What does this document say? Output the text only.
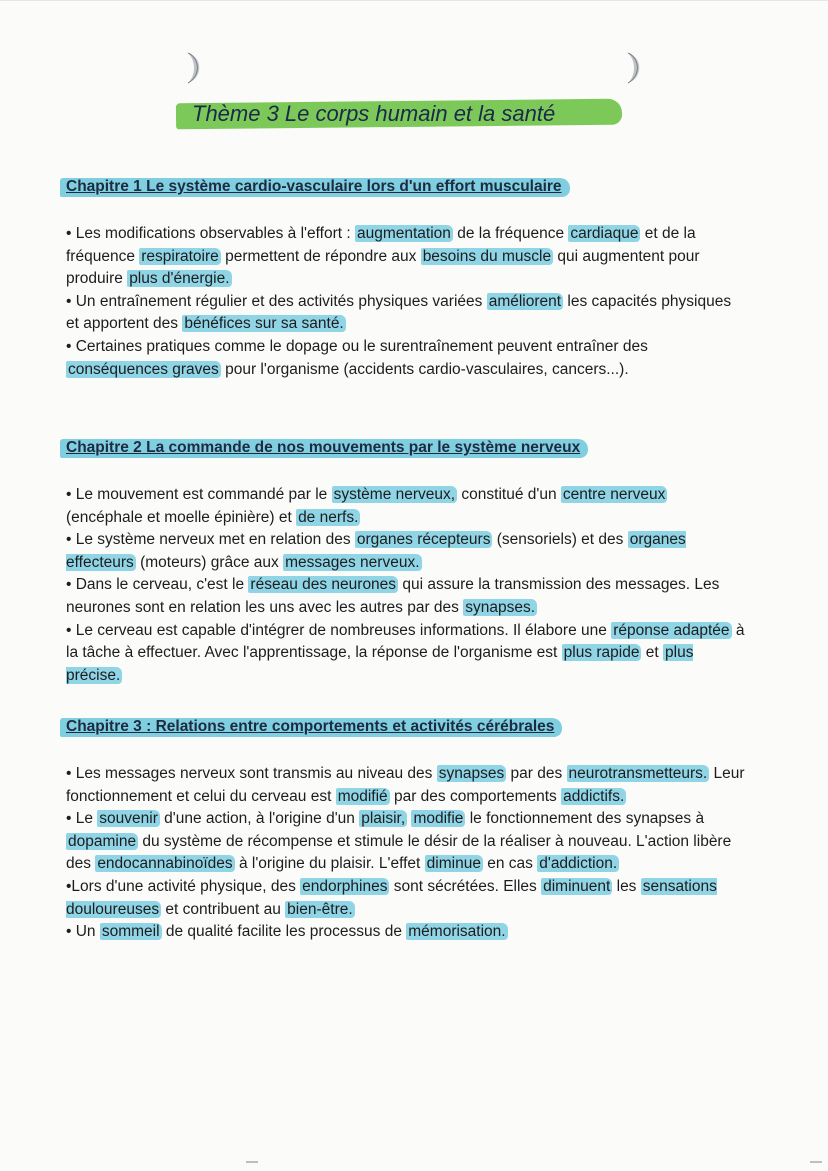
Thème 3 Le corps humain et la santé
Chapitre 1 Le système cardio-vasculaire lors d'un effort musculaire

• Les modifications observables à l'effort : augmentation de la fréquence cardiaque et de la fréquence respiratoire permettent de répondre aux besoins du muscle qui augmentent pour produire plus d'énergie.

• Un entraînement régulier et des activités physiques variées améliorent les capacités physiques et apportent des bénéfices sur sa santé.

• Certaines pratiques comme le dopage ou le surentraînement peuvent entraîner des conséquences graves pour l'organisme (accidents cardio-vasculaires, cancers...).

Chapitre 2 La commande de nos mouvements par le système nerveux

• Le mouvement est commandé par le système nerveux, constitué d'un centre nerveux (encéphale et moelle épinière) et de nerfs.

• Le système nerveux met en relation des organes récepteurs (sensoriels) et des organes effecteurs (moteurs) grâce aux messages nerveux.

• Dans le cerveau, c'est le réseau des neurones qui assure la transmission des messages. Les neurones sont en relation les uns avec les autres par des synapses.

• Le cerveau est capable d'intégrer de nombreuses informations. Il élabore une réponse adaptée à la tâche à effectuer. Avec l'apprentissage, la réponse de l'organisme est plus rapide et plus précise.

Chapitre 3 : Relations entre comportements et activités cérébrales

• Les messages nerveux sont transmis au niveau des synapses par des neurotransmetteurs. Leur fonctionnement et celui du cerveau est modifié par des comportements addictifs.

• Le souvenir d'une action, à l'origine d'un plaisir, modifie le fonctionnement des synapses à dopamine du système de récompense et stimule le désir de la réaliser à nouveau. L'action libère des endocannabinoïdes à l'origine du plaisir. L'effet diminue en cas d'addiction.

•Lors d'une activité physique, des endorphines sont sécrétées. Elles diminuent les sensations douloureuses et contribuent au bien-être.

• Un sommeil de qualité facilite les processus de mémorisation.
